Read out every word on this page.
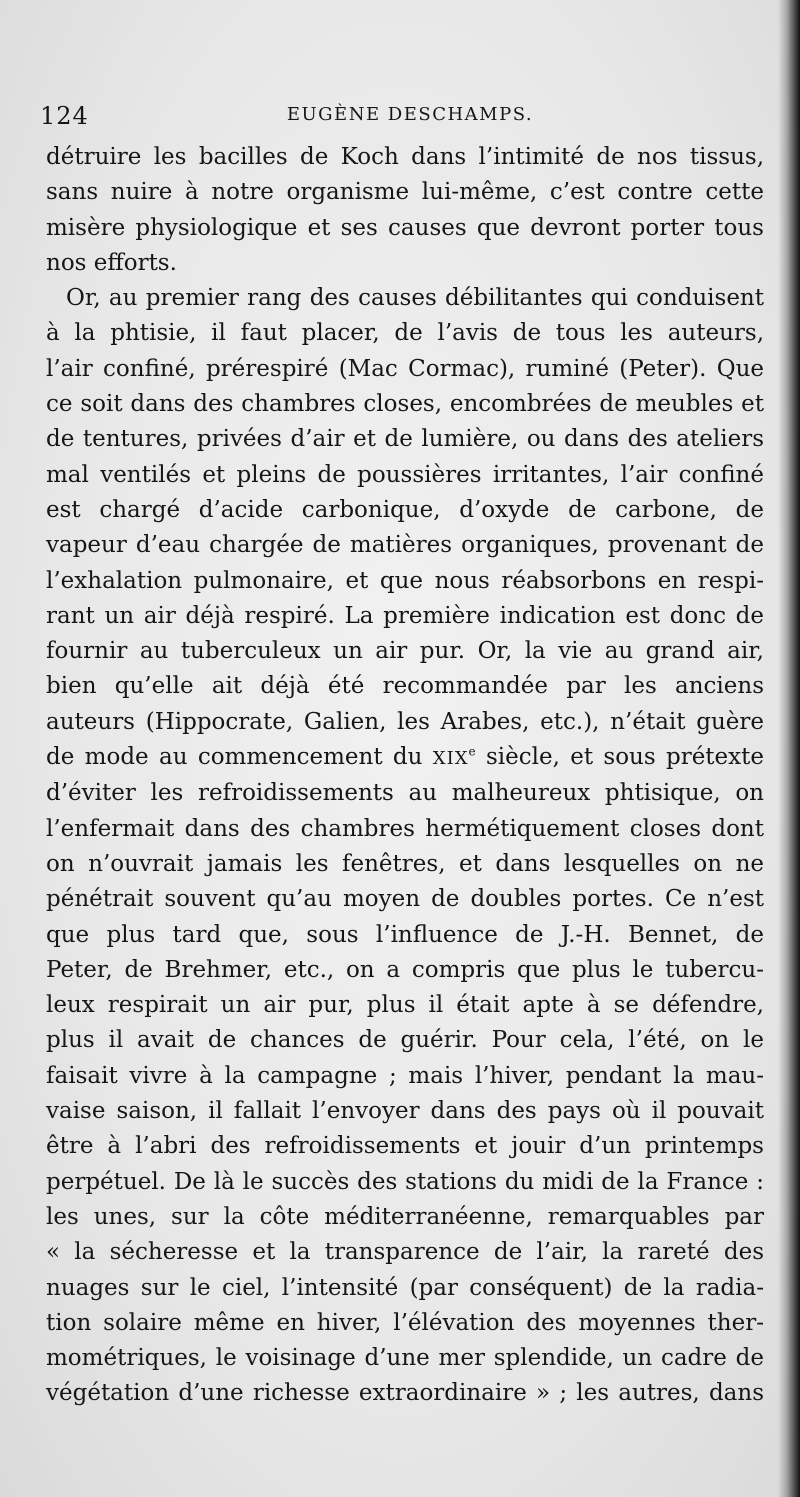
124	EUGÈNE DESCHAMPS.
détruire les bacilles de Koch dans l’intimité de nos tissus,
sans nuire à notre organisme lui-même, c’est contre cette
misère physiologique et ses causes que devront porter tous
nos efforts.
Or, au premier rang des causes débilitantes qui conduisent
à la phtisie, il faut placer, de l’avis de tous les auteurs,
l’air confiné, prérespiré (Mac Cormac), ruminé (Peter). Que
ce soit dans des chambres closes, encombrées de meubles et
de tentures, privées d’air et de lumière, ou dans des ateliers
mal ventilés et pleins de poussières irritantes, l’air confiné
est chargé d’acide carbonique, d’oxyde de carbone, de
vapeur d’eau chargée de matières organiques, provenant de
l’exhalation pulmonaire, et que nous réabsorbons en respi-
rant un air déjà respiré. La première indication est donc de
fournir au tuberculeux un air pur. Or, la vie au grand air,
bien qu’elle ait déjà été recommandée par les anciens
auteurs (Hippocrate, Galien, les Arabes, etc.), n’était guère
de mode au commencement du XIXe siècle, et sous prétexte
d’éviter les refroidissements au malheureux phtisique, on
l’enfermait dans des chambres hermétiquement closes dont
on n’ouvrait jamais les fenêtres, et dans lesquelles on ne
pénétrait souvent qu’au moyen de doubles portes. Ce n’est
que plus tard que, sous l’influence de J.-H. Bennet, de
Peter, de Brehmer, etc., on a compris que plus le tubercu-
leux respirait un air pur, plus il était apte à se défendre,
plus il avait de chances de guérir. Pour cela, l’été, on le
faisait vivre à la campagne ; mais l’hiver, pendant la mau-
vaise saison, il fallait l’envoyer dans des pays où il pouvait
être à l’abri des refroidissements et jouir d’un printemps
perpétuel. De là le succès des stations du midi de la France :
les unes, sur la côte méditerranéenne, remarquables par
« la sécheresse et la transparence de l’air, la rareté des
nuages sur le ciel, l’intensité (par conséquent) de la radia-
tion solaire même en hiver, l’élévation des moyennes ther-
mométriques, le voisinage d’une mer splendide, un cadre de
végétation d’une richesse extraordinaire » ; les autres, dans
